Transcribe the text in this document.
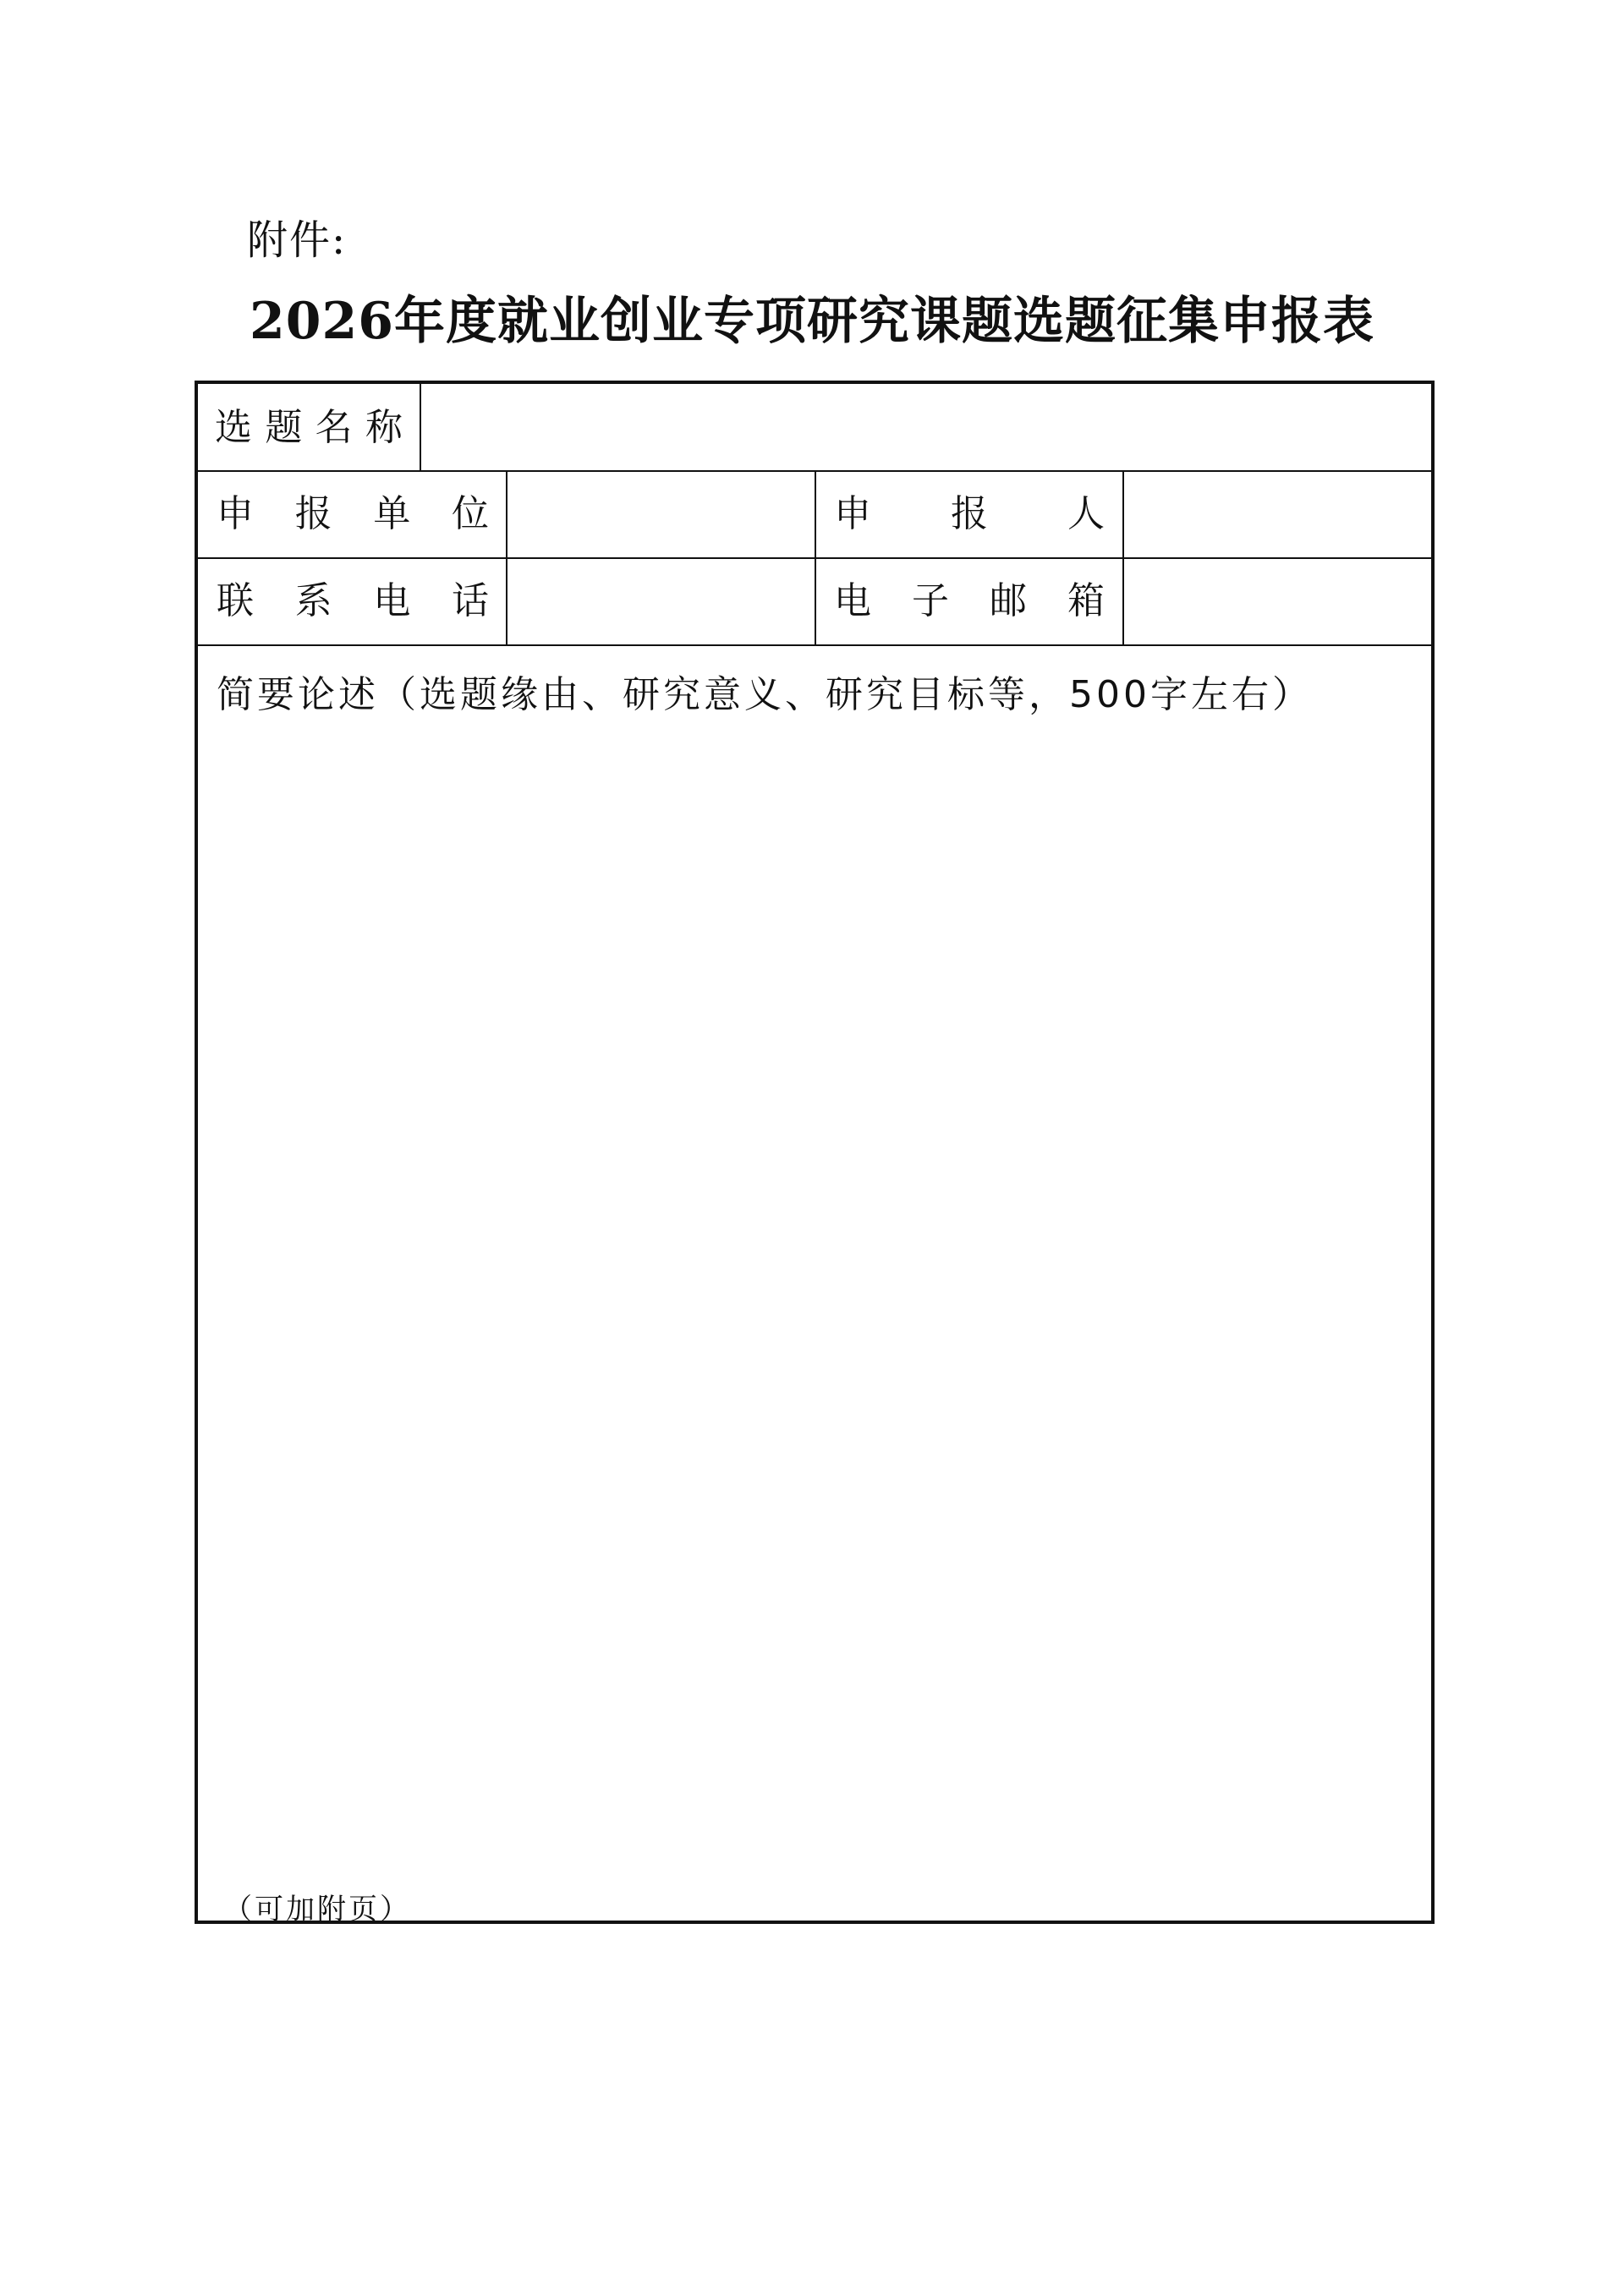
附件:
2026年度就业创业专项研究课题选题征集申报表
选 题 名 称
申 报 单 位	申 报 人
联 系 电 话	电 子 邮 箱
简要论述（选题缘由、研究意义、研究目标等，500字左右）
（可加附页）
